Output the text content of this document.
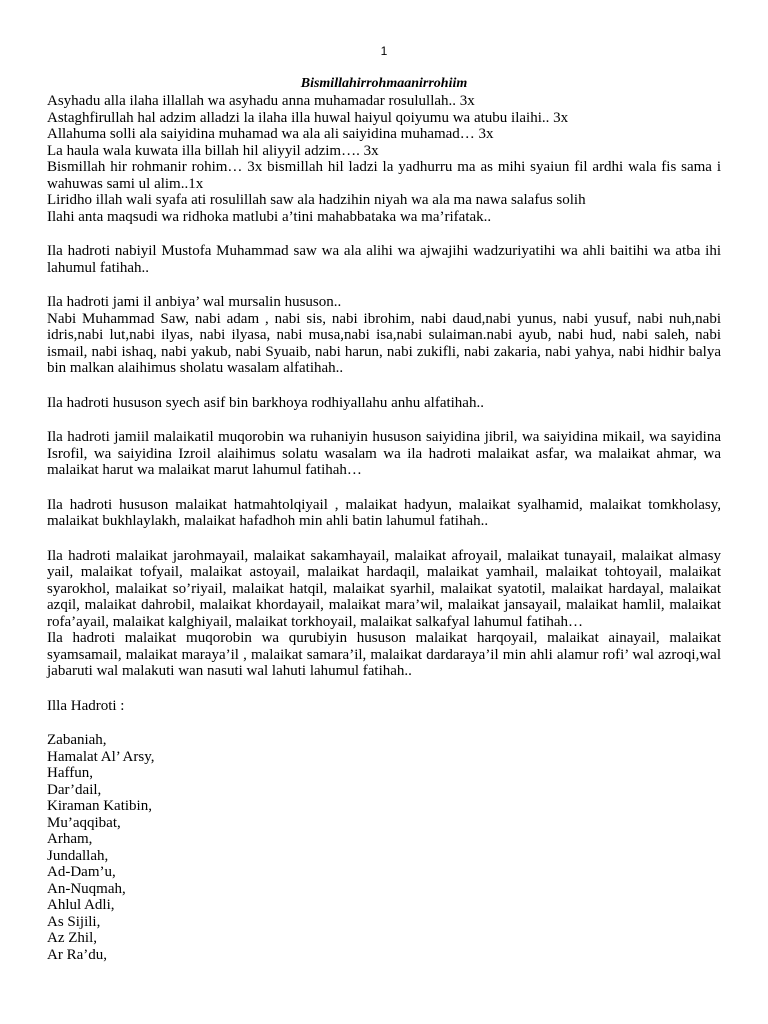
1
Bismillahirrohmaanirrohiim

Asyhadu alla ilaha illallah wa asyhadu anna muhamadar rosulullah.. 3x

Astaghfirullah hal adzim alladzi la ilaha illa huwal haiyul qoiyumu wa atubu ilaihi.. 3x

Allahuma solli ala saiyidina muhamad wa ala ali saiyidina muhamad… 3x

La haula wala kuwata illa billah hil aliyyil adzim…. 3x

Bismillah hir rohmanir rohim… 3x bismillah hil ladzi la yadhurru ma as mihi syaiun fil ardhi wala fis sama i wahuwas sami ul alim..1x

Liridho illah wali syafa ati rosulillah saw ala hadzihin niyah wa ala ma nawa salafus solih

Ilahi anta maqsudi wa ridhoka matlubi a’tini mahabbataka wa ma’rifatak..

Ila hadroti nabiyil Mustofa Muhammad saw wa ala alihi wa ajwajihi wadzuriyatihi wa ahli baitihi wa atba ihi lahumul fatihah..

Ila hadroti jami il anbiya’ wal mursalin hususon..

Nabi Muhammad Saw, nabi adam , nabi sis, nabi ibrohim, nabi daud,nabi yunus, nabi yusuf, nabi nuh,nabi idris,nabi lut,nabi ilyas, nabi ilyasa, nabi musa,nabi isa,nabi sulaiman.nabi ayub, nabi hud, nabi saleh, nabi ismail, nabi ishaq, nabi yakub, nabi Syuaib, nabi harun, nabi zukifli, nabi zakaria, nabi yahya, nabi hidhir balya bin malkan alaihimus sholatu wasalam alfatihah..

Ila hadroti hususon syech asif bin barkhoya rodhiyallahu anhu alfatihah..

Ila hadroti jamiil malaikatil muqorobin wa ruhaniyin hususon saiyidina jibril, wa saiyidina mikail, wa sayidina Isrofil, wa saiyidina Izroil alaihimus solatu wasalam wa ila hadroti malaikat asfar, wa malaikat ahmar, wa malaikat harut wa malaikat marut lahumul fatihah…

Ila hadroti hususon malaikat hatmahtolqiyail , malaikat hadyun, malaikat syalhamid, malaikat tomkholasy, malaikat bukhlaylakh, malaikat hafadhoh min ahli batin lahumul fatihah..

Ila hadroti malaikat jarohmayail, malaikat sakamhayail, malaikat afroyail, malaikat tunayail, malaikat almasy yail, malaikat tofyail, malaikat astoyail, malaikat hardaqil, malaikat yamhail, malaikat tohtoyail, malaikat syarokhol, malaikat so’riyail, malaikat hatqil, malaikat syarhil, malaikat syatotil, malaikat hardayal, malaikat azqil, malaikat dahrobil, malaikat khordayail, malaikat mara’wil, malaikat jansayail, malaikat hamlil, malaikat rofa’ayail, malaikat kalghiyail, malaikat torkhoyail, malaikat salkafyal lahumul fatihah…

Ila hadroti malaikat muqorobin wa qurubiyin hususon malaikat harqoyail, malaikat ainayail, malaikat syamsamail, malaikat maraya’il , malaikat samara’il, malaikat dardaraya’il min ahli alamur rofi’ wal azroqi,wal jabaruti wal malakuti wan nasuti wal lahuti lahumul fatihah..

Illa Hadroti :

Zabaniah,
Hamalat Al’ Arsy,
Haffun,
Dar’dail,
Kiraman Katibin,
Mu’aqqibat,
Arham,
Jundallah,
Ad-Dam’u,
An-Nuqmah,
Ahlul Adli,
As Sijili,
Az Zhil,
Ar Ra’du,
